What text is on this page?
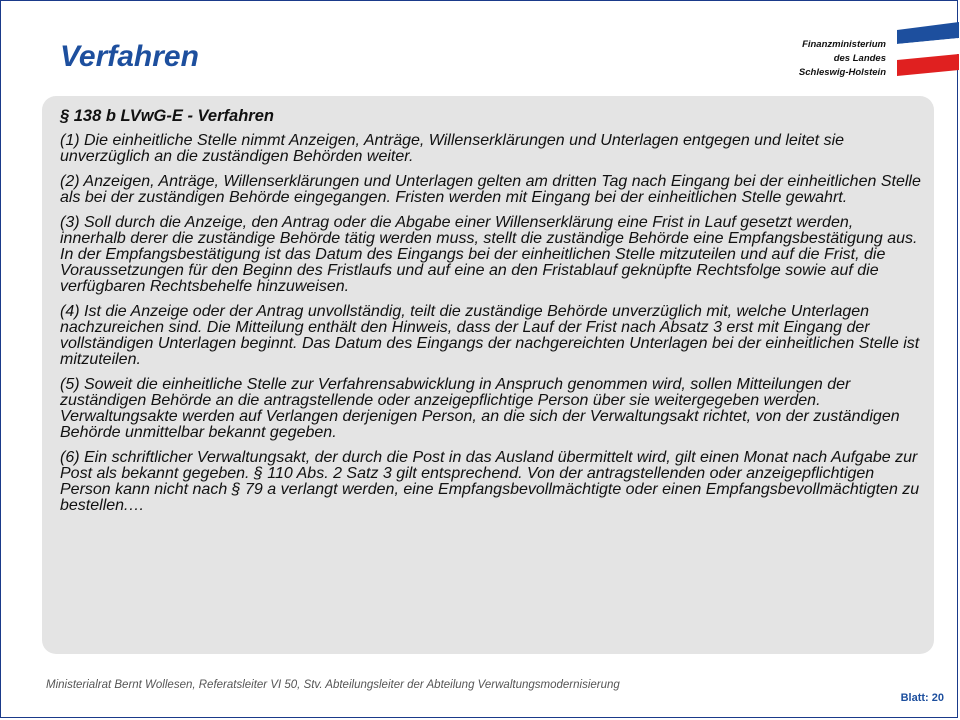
Verfahren	Finanzministerium
des Landes
Schleswig-Holstein

§ 138 b LVwG-E - Verfahren

(1) Die einheitliche Stelle nimmt Anzeigen, Anträge, Willenserklärungen und Unterlagen entgegen und leitet sie unverzüglich an die zuständigen Behörden weiter.

(2) Anzeigen, Anträge, Willenserklärungen und Unterlagen gelten am dritten Tag nach Eingang bei der einheitlichen Stelle als bei der zuständigen Behörde eingegangen. Fristen werden mit Eingang bei der einheitlichen Stelle gewahrt.

(3) Soll durch die Anzeige, den Antrag oder die Abgabe einer Willenserklärung eine Frist in Lauf gesetzt werden, innerhalb derer die zuständige Behörde tätig werden muss, stellt die zuständige Behörde eine Empfangsbestätigung aus. In der Empfangsbestätigung ist das Datum des Eingangs bei der einheitlichen Stelle mitzuteilen und auf die Frist, die Voraussetzungen für den Beginn des Fristlaufs und auf eine an den Fristablauf geknüpfte Rechtsfolge sowie auf die verfügbaren Rechtsbehelfe hinzuweisen.

(4) Ist die Anzeige oder der Antrag unvollständig, teilt die zuständige Behörde unverzüglich mit, welche Unterlagen nachzureichen sind. Die Mitteilung enthält den Hinweis, dass der Lauf der Frist nach Absatz 3 erst mit Eingang der vollständigen Unterlagen beginnt. Das Datum des Eingangs der nachgereichten Unterlagen bei der einheitlichen Stelle ist mitzuteilen.

(5) Soweit die einheitliche Stelle zur Verfahrensabwicklung in Anspruch genommen wird, sollen Mitteilungen der zuständigen Behörde an die antragstellende oder anzeigepflichtige Person über sie weitergegeben werden. Verwaltungsakte werden auf Verlangen derjenigen Person, an die sich der Verwaltungsakt richtet, von der zuständigen Behörde unmittelbar bekannt gegeben.

(6) Ein schriftlicher Verwaltungsakt, der durch die Post in das Ausland übermittelt wird, gilt einen Monat nach Aufgabe zur Post als bekannt gegeben. § 110 Abs. 2 Satz 3 gilt entsprechend. Von der antragstellenden oder anzeigepflichtigen Person kann nicht nach § 79 a verlangt werden, eine Empfangsbevollmächtigte oder einen Empfangsbevollmächtigten zu bestellen.…

Ministerialrat Bernt Wollesen, Referatsleiter VI 50, Stv. Abteilungsleiter der Abteilung Verwaltungsmodernisierung
Blatt: 20
